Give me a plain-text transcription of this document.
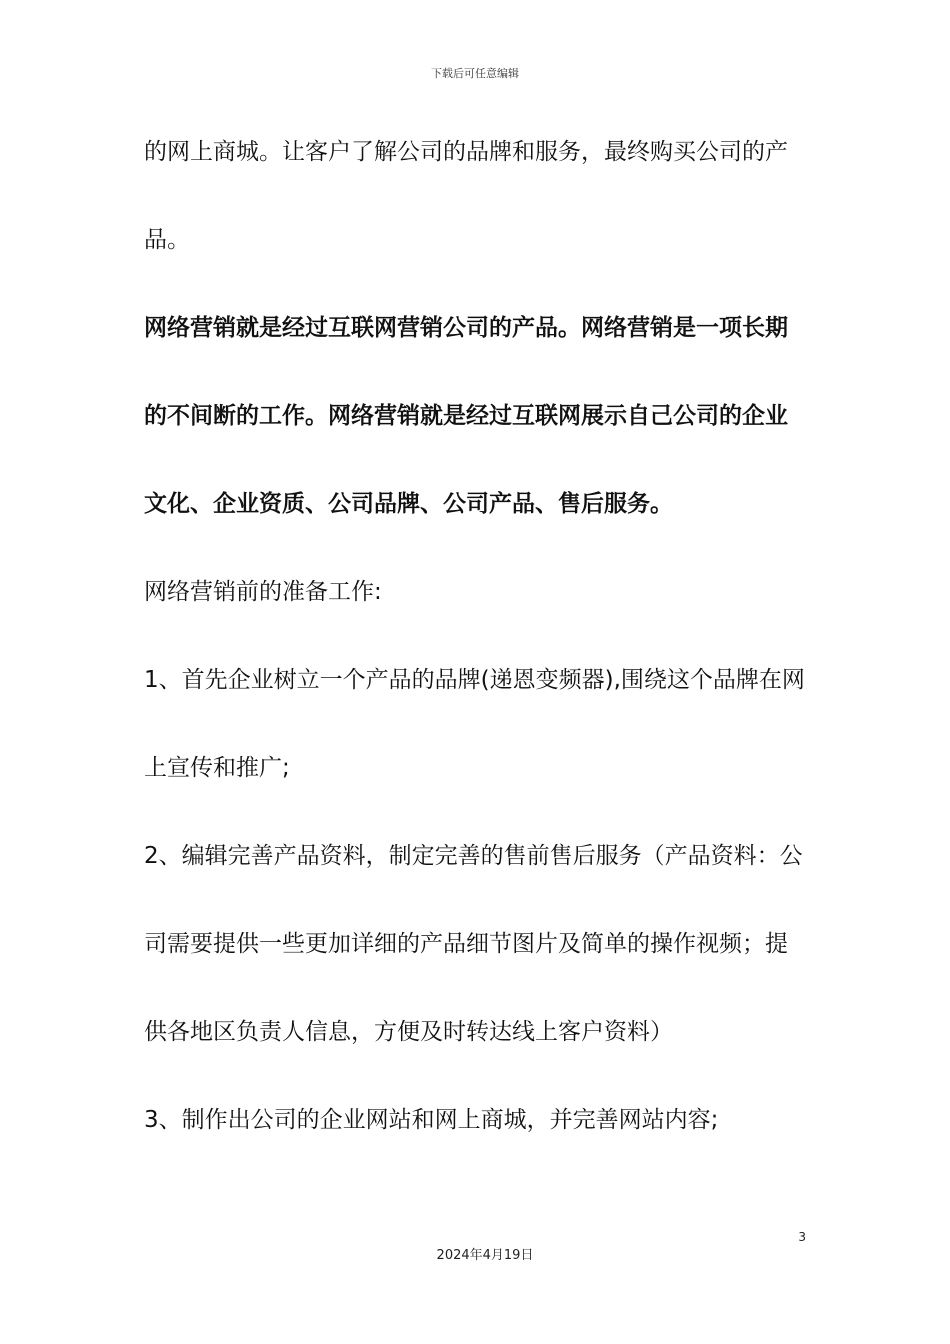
下载后可任意编辑
的网上商城。让客户了解公司的品牌和服务，最终购买公司的产
品。
网络营销就是经过互联网营销公司的产品。网络营销是一项长期
的不间断的工作。网络营销就是经过互联网展示自己公司的企业
文化、企业资质、公司品牌、公司产品、售后服务。
网络营销前的准备工作:
1、首先企业树立一个产品的品牌(递恩变频器),围绕这个品牌在网
上宣传和推广;
2、编辑完善产品资料，制定完善的售前售后服务（产品资料：公
司需要提供一些更加详细的产品细节图片及简单的操作视频；提
供各地区负责人信息，方便及时转达线上客户资料）
3、制作出公司的企业网站和网上商城，并完善网站内容;
3
2024年4月19日
